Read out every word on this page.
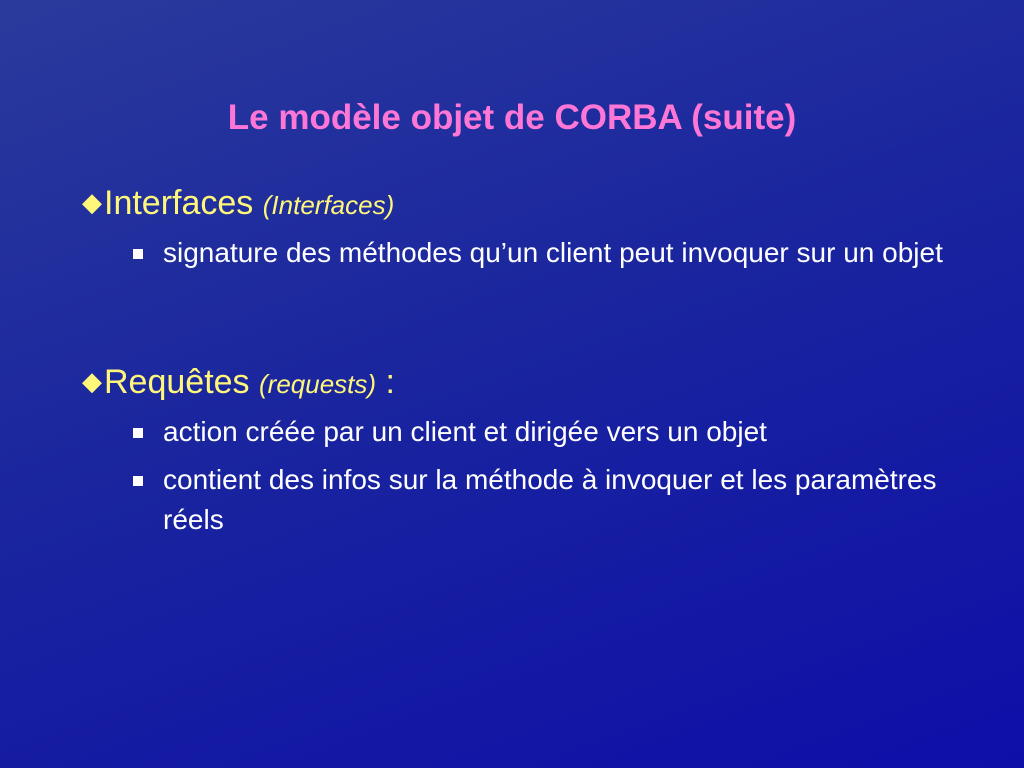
Le modèle objet de CORBA (suite)
◆Interfaces (Interfaces)
signature des méthodes qu’un client peut invoquer sur un objet
◆Requêtes (requests) :
action créée par un client et dirigée vers un objet
contient des infos sur la méthode à invoquer et les paramètres réels
